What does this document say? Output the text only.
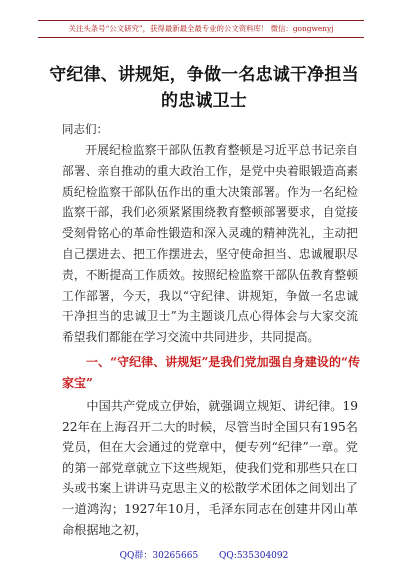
关注头条号“公文研究”，获得最新最全最专业的公文资料库！ 微信：gongwenyj
守纪律、讲规矩，争做一名忠诚干净担当
的忠诚卫士
同志们：
开展纪检监察干部队伍教育整顿是习近平总书记亲自部署、亲自推动的重大政治工作，是党中央着眼锻造高素质纪检监察干部队伍作出的重大决策部署。作为一名纪检监察干部，我们必须紧紧围绕教育整顿部署要求，自觉接受刻骨铭心的革命性锻造和深入灵魂的精神洗礼，主动把自己摆进去、把工作摆进去，坚守使命担当、忠诚履职尽责，不断提高工作质效。按照纪检监察干部队伍教育整顿工作部署，今天，我以“守纪律、讲规矩，争做一名忠诚干净担当的忠诚卫士”为主题谈几点心得体会与大家交流希望我们都能在学习交流中共同进步，共同提高。
一、“守纪律、讲规矩”是我们党加强自身建设的“传家宝”
中国共产党成立伊始，就强调立规矩、讲纪律。1922年在上海召开二大的时候，尽管当时全国只有195名党员，但在大会通过的党章中，便专列“纪律”一章。党的第一部党章就立下这些规矩，使我们党和那些只在口头或书案上讲讲马克思主义的松散学术团体之间划出了一道鸿沟；1927年10月，毛泽东同志在创建井冈山革命根据地之初，
QQ群：30265665 QQ:535304092
